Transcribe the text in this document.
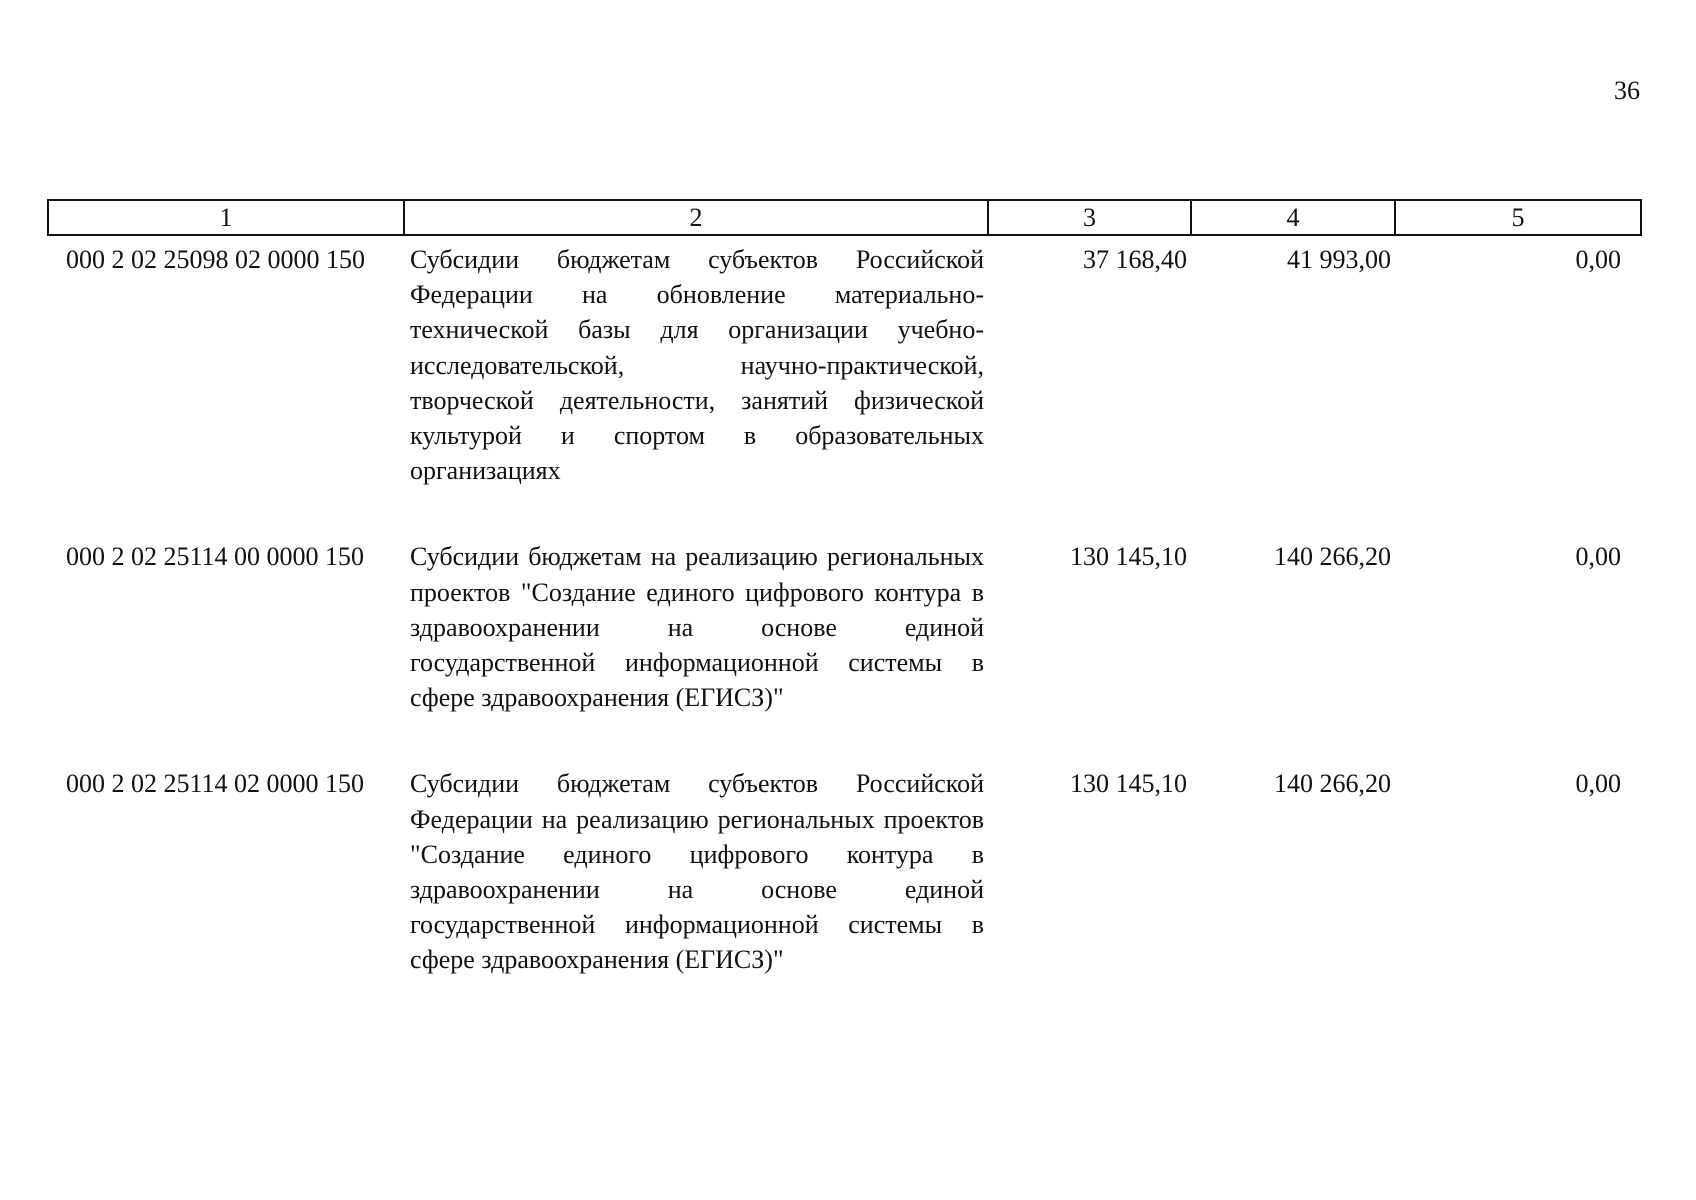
36
1	2	3	4	5
000 2 02 25098 02 0000 150	Субсидии бюджетам субъектов Российской Федерации на обновление материально-технической базы для организации учебно-исследовательской, научно-практической, творческой деятельности, занятий физической культурой и спортом в образовательных организациях	37 168,40	41 993,00	0,00
000 2 02 25114 00 0000 150	Субсидии бюджетам на реализацию региональных проектов "Создание единого цифрового контура в здравоохранении на основе единой государственной информационной системы в сфере здравоохранения (ЕГИСЗ)"	130 145,10	140 266,20	0,00
000 2 02 25114 02 0000 150	Субсидии бюджетам субъектов Российской Федерации на реализацию региональных проектов "Создание единого цифрового контура в здравоохранении на основе единой государственной информационной системы в сфере здравоохранения (ЕГИСЗ)"	130 145,10	140 266,20	0,00
